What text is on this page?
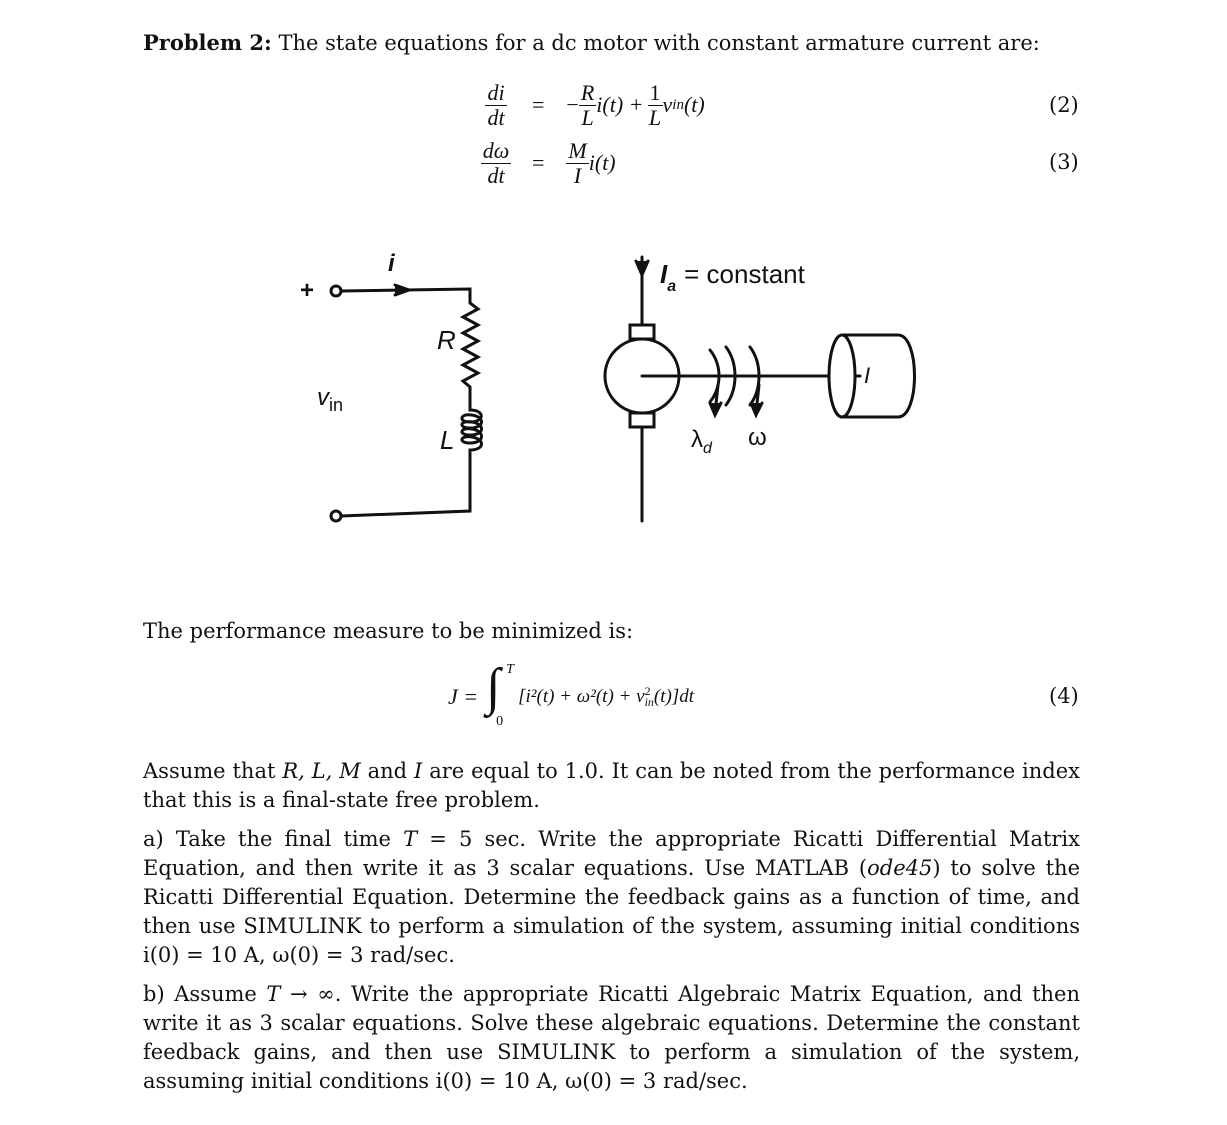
Problem 2: The state equations for a dc motor with constant armature current are:
$\frac{di}{dt}$ = − $\frac{R}{L} i(t) + \frac{1}{L}$ v in (t)	(2)
$\frac{d\omega}{dt} = \frac{M}{I} i(t)$	(3)
+
i
R
L
$v_{in}$
$I_a$ = constant
I
$\lambda_d$ ω
The performance measure to be minimized is:
J = ∫ T
0
[i²(t) + ω²(t) + v 2
in (t)]dt	(4)
Assume that R, L, M and I are equal to 1.0. It can be noted from the performance index that this is a final-state free problem.
a) Take the final time T = 5 sec. Write the appropriate Ricatti Differential Matrix Equation, and then write it as 3 scalar equations. Use MATLAB (ode45) to solve the Ricatti Differential Equation. Determine the feedback gains as a function of time, and then use SIMULINK to perform a simulation of the system, assuming initial conditions i(0) = 10 A, ω(0) = 3 rad/sec.
b) Assume T → ∞. Write the appropriate Ricatti Algebraic Matrix Equation, and then write it as 3 scalar equations. Solve these algebraic equations. Determine the constant feedback gains, and then use SIMULINK to perform a simulation of the system, assuming initial conditions i(0) = 10 A, ω(0) = 3 rad/sec.
